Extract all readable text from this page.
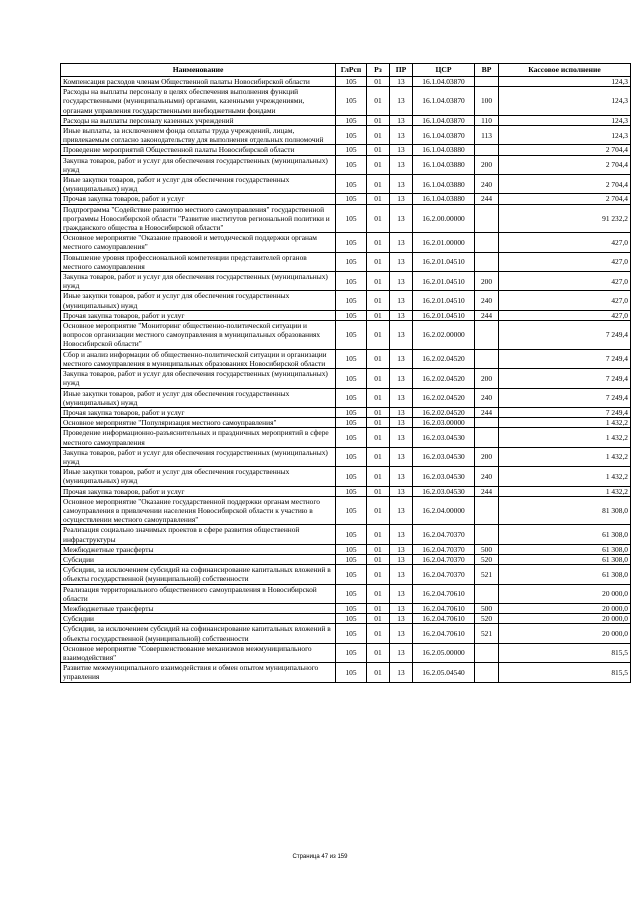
Наименование	ГлРсп	Рз	ПР	ЦСР	ВР	Кассовое исполнение
Компенсация расходов членам Общественной палаты Новосибирской области	105	01	13	16.1.04.03870		124,3
Расходы на выплаты персоналу в целях обеспечения выполнения функций государственными (муниципальными) органами, казенными учреждениями, органами управления государственными внебюджетными фондами	105	01	13	16.1.04.03870	100	124,3
Расходы на выплаты персоналу казенных учреждений	105	01	13	16.1.04.03870	110	124,3
Иные выплаты, за исключением фонда оплаты труда учреждений, лицам, привлекаемым согласно законодательству для выполнения отдельных полномочий	105	01	13	16.1.04.03870	113	124,3
Проведение мероприятий Общественной палаты Новосибирской области	105	01	13	16.1.04.03880		2 704,4
Закупка товаров, работ и услуг для обеспечения государственных (муниципальных) нужд	105	01	13	16.1.04.03880	200	2 704,4
Иные закупки товаров, работ и услуг для обеспечения государственных (муниципальных) нужд	105	01	13	16.1.04.03880	240	2 704,4
Прочая закупка товаров, работ и услуг	105	01	13	16.1.04.03880	244	2 704,4
Подпрограмма "Содействие развитию местного самоуправления" государственной программы Новосибирской области "Развитие институтов региональной политики и гражданского общества в Новосибирской области"	105	01	13	16.2.00.00000		91 232,2
Основное мероприятие "Оказание правовой и методической поддержки органам местного самоуправления"	105	01	13	16.2.01.00000		427,0
Повышение уровня профессиональной компетенции представителей органов местного самоуправления	105	01	13	16.2.01.04510		427,0
Закупка товаров, работ и услуг для обеспечения государственных (муниципальных) нужд	105	01	13	16.2.01.04510	200	427,0
Иные закупки товаров, работ и услуг для обеспечения государственных (муниципальных) нужд	105	01	13	16.2.01.04510	240	427,0
Прочая закупка товаров, работ и услуг	105	01	13	16.2.01.04510	244	427,0
Основное мероприятие "Мониторинг общественно-политической ситуации и вопросов организации местного самоуправления в муниципальных образованиях Новосибирской области"	105	01	13	16.2.02.00000		7 249,4
Сбор и анализ информации об общественно-политической ситуации и организации местного самоуправления в муниципальных образованиях Новосибирской области	105	01	13	16.2.02.04520		7 249,4
Закупка товаров, работ и услуг для обеспечения государственных (муниципальных) нужд	105	01	13	16.2.02.04520	200	7 249,4
Иные закупки товаров, работ и услуг для обеспечения государственных (муниципальных) нужд	105	01	13	16.2.02.04520	240	7 249,4
Прочая закупка товаров, работ и услуг	105	01	13	16.2.02.04520	244	7 249,4
Основное мероприятие "Популяризация местного самоуправления"	105	01	13	16.2.03.00000		1 432,2
Проведение информационно-разъяснительных и праздничных мероприятий в сфере местного самоуправления	105	01	13	16.2.03.04530		1 432,2
Закупка товаров, работ и услуг для обеспечения государственных (муниципальных) нужд	105	01	13	16.2.03.04530	200	1 432,2
Иные закупки товаров, работ и услуг для обеспечения государственных (муниципальных) нужд	105	01	13	16.2.03.04530	240	1 432,2
Прочая закупка товаров, работ и услуг	105	01	13	16.2.03.04530	244	1 432,2
Основное мероприятие "Оказание государственной поддержки органам местного самоуправления в привлечении населения Новосибирской области к участию в осуществлении местного самоуправления"	105	01	13	16.2.04.00000		81 308,0
Реализация социально значимых проектов в сфере развития общественной инфраструктуры	105	01	13	16.2.04.70370		61 308,0
Межбюджетные трансферты	105	01	13	16.2.04.70370	500	61 308,0
Субсидии	105	01	13	16.2.04.70370	520	61 308,0
Субсидии, за исключением субсидий на софинансирование капитальных вложений в объекты государственной (муниципальной) собственности	105	01	13	16.2.04.70370	521	61 308,0
Реализация территориального общественного самоуправления в Новосибирской области	105	01	13	16.2.04.70610		20 000,0
Межбюджетные трансферты	105	01	13	16.2.04.70610	500	20 000,0
Субсидии	105	01	13	16.2.04.70610	520	20 000,0
Субсидии, за исключением субсидий на софинансирование капитальных вложений в объекты государственной (муниципальной) собственности	105	01	13	16.2.04.70610	521	20 000,0
Основное мероприятие "Совершенствование механизмов межмуниципального взаимодействия"	105	01	13	16.2.05.00000		815,5
Развитие межмуниципального взаимодействия и обмен опытом муниципального управления	105	01	13	16.2.05.04540		815,5
Страница 47 из 159
